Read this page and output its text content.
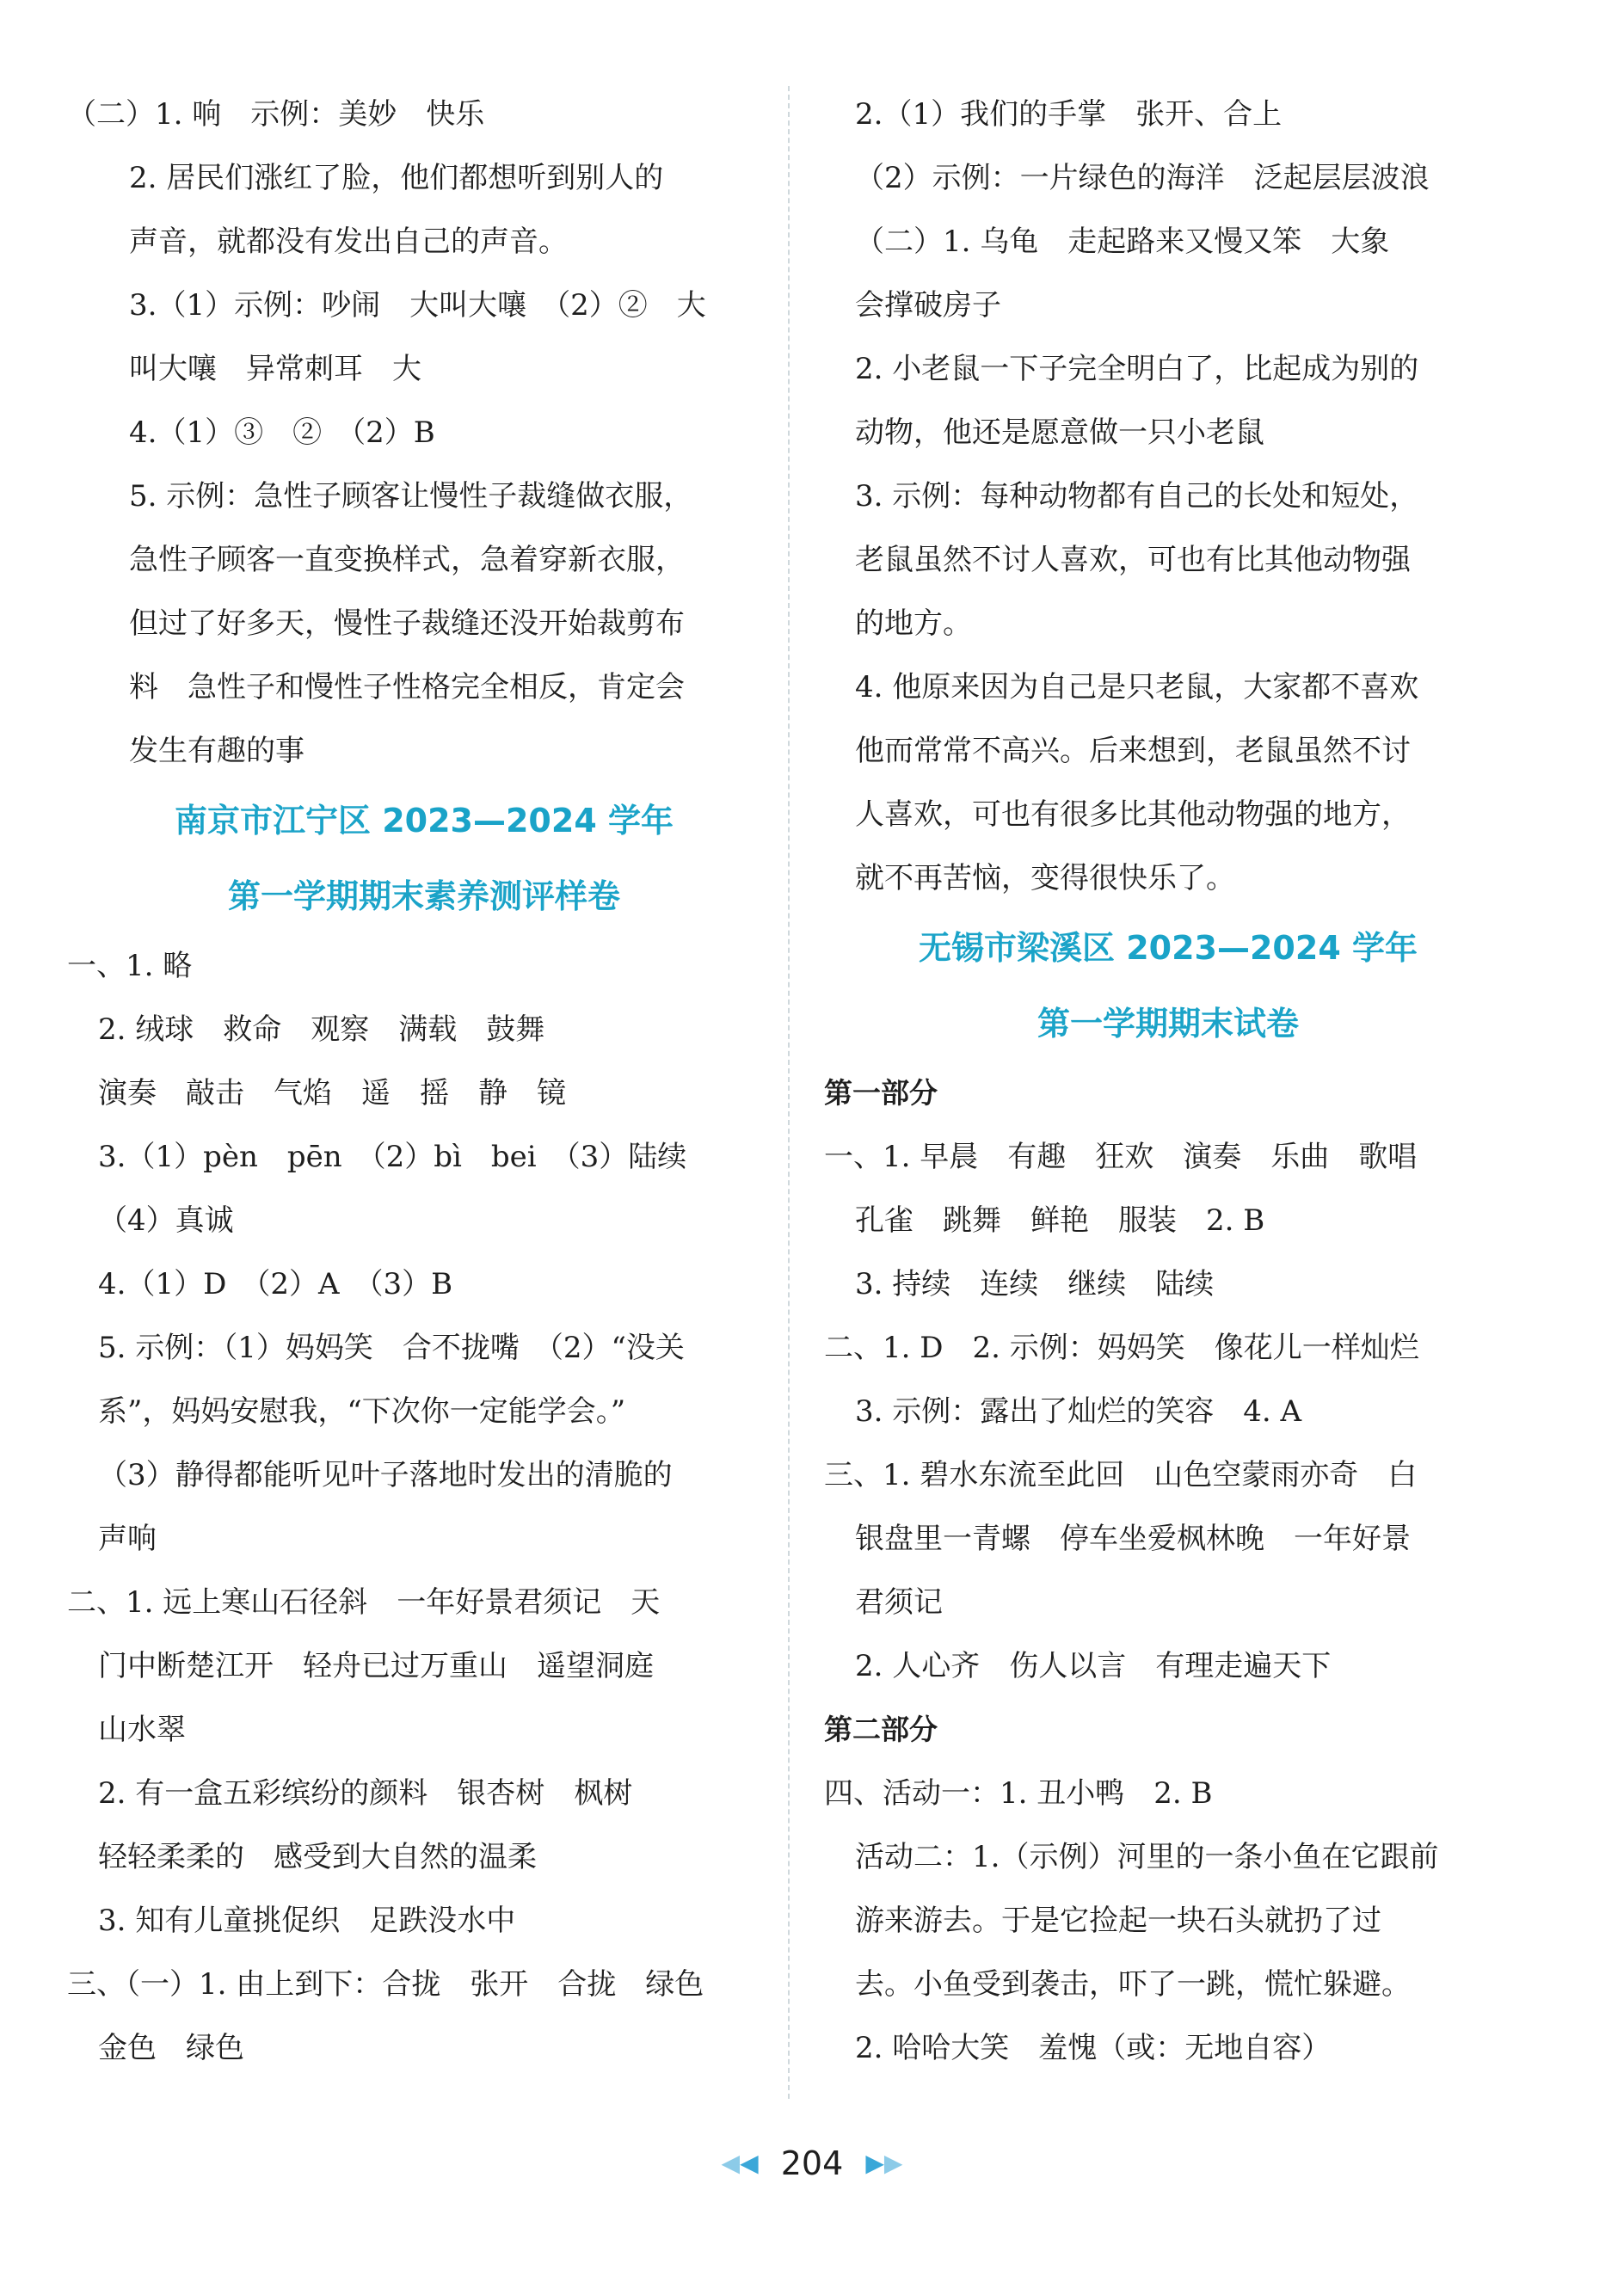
（二）1. 响　示例：美妙　快乐
2. 居民们涨红了脸，他们都想听到别人的
声音，就都没有发出自己的声音。
3.（1）示例：吵闹　大叫大嚷　（2）②　大
叫大嚷　异常刺耳　大
4.（1）③　②　（2）B
5. 示例：急性子顾客让慢性子裁缝做衣服，
急性子顾客一直变换样式，急着穿新衣服，
但过了好多天，慢性子裁缝还没开始裁剪布
料　急性子和慢性子性格完全相反，肯定会
发生有趣的事
南京市江宁区 2023—2024 学年
第一学期期末素养测评样卷
一、1. 略
2. 绒球　救命　观察　满载　鼓舞
演奏　敲击　气焰　遥　摇　静　镜
3.（1）pèn　pēn　（2）bì　bei　（3）陆续
（4）真诚
4.（1）D　（2）A　（3）B
5. 示例：（1）妈妈笑　合不拢嘴　（2）“没关
系”，妈妈安慰我，“下次你一定能学会。”
（3）静得都能听见叶子落地时发出的清脆的
声响
二、1. 远上寒山石径斜　一年好景君须记　天
门中断楚江开　轻舟已过万重山　遥望洞庭
山水翠
2. 有一盒五彩缤纷的颜料　银杏树　枫树
轻轻柔柔的　感受到大自然的温柔
3. 知有儿童挑促织　足跌没水中
三、（一）1. 由上到下：合拢　张开　合拢　绿色
金色　绿色
2.（1）我们的手掌　张开、合上
（2）示例：一片绿色的海洋　泛起层层波浪
（二）1. 乌龟　走起路来又慢又笨　大象
会撑破房子
2. 小老鼠一下子完全明白了，比起成为别的
动物，他还是愿意做一只小老鼠
3. 示例：每种动物都有自己的长处和短处，
老鼠虽然不讨人喜欢，可也有比其他动物强
的地方。
4. 他原来因为自己是只老鼠，大家都不喜欢
他而常常不高兴。后来想到，老鼠虽然不讨
人喜欢，可也有很多比其他动物强的地方，
就不再苦恼，变得很快乐了。
无锡市梁溪区 2023—2024 学年
第一学期期末试卷
第一部分
一、1. 早晨　有趣　狂欢　演奏　乐曲　歌唱
孔雀　跳舞　鲜艳　服装　2. B
3. 持续　连续　继续　陆续
二、1. D　2. 示例：妈妈笑　像花儿一样灿烂
3. 示例：露出了灿烂的笑容　4. A
三、1. 碧水东流至此回　山色空蒙雨亦奇　白
银盘里一青螺　停车坐爱枫林晚　一年好景
君须记
2. 人心齐　伤人以言　有理走遍天下
第二部分
四、活动一：1. 丑小鸭　2. B
活动二：1.（示例）河里的一条小鱼在它跟前
游来游去。于是它捡起一块石头就扔了过
去。小鱼受到袭击，吓了一跳，慌忙躲避。
2. 哈哈大笑　羞愧（或：无地自容）
◀◀ 204 ▶▶
